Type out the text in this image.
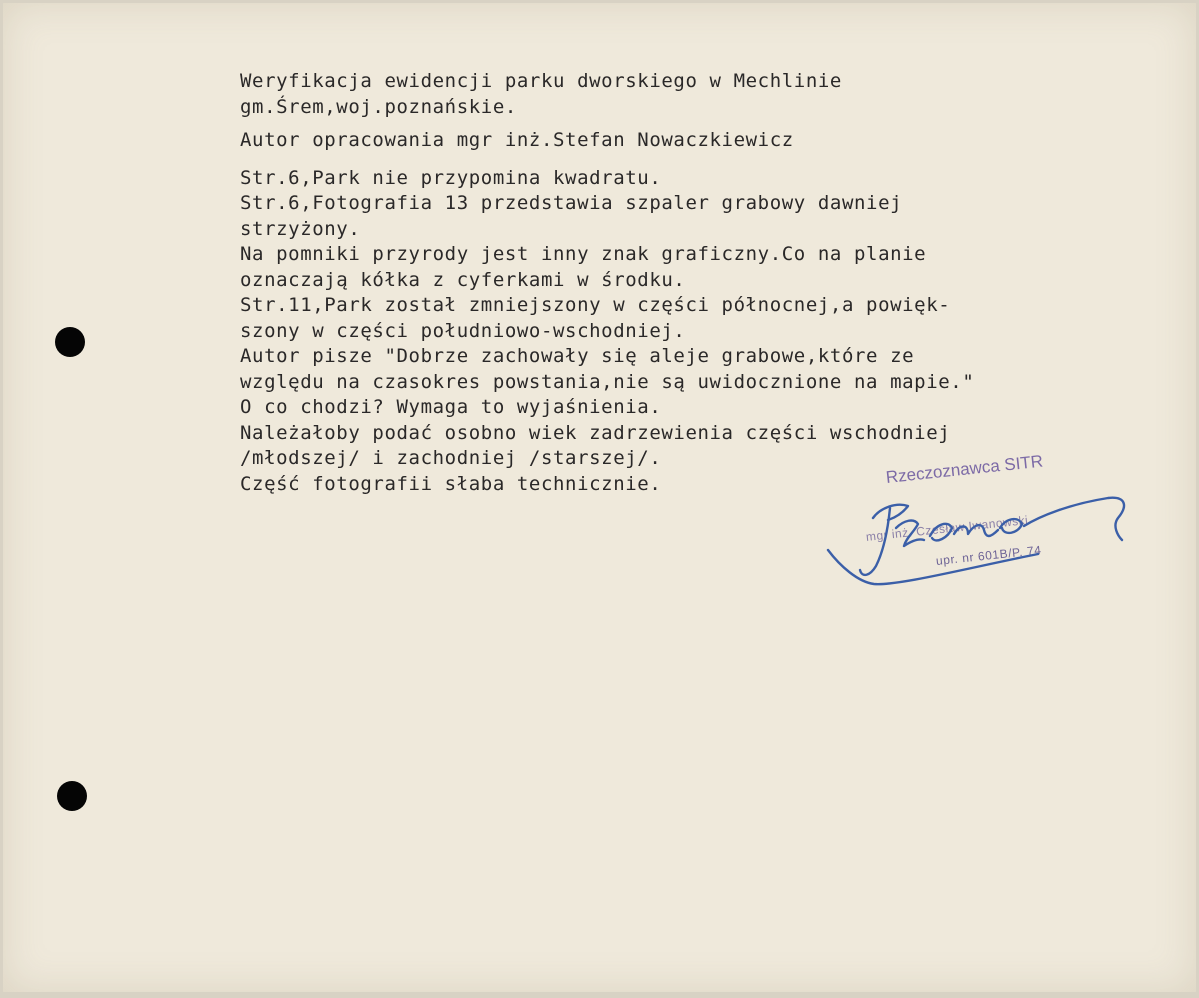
Weryfikacja ewidencji parku dworskiego w Mechlinie
gm.Śrem,woj.poznańskie.
Autor opracowania mgr inż.Stefan Nowaczkiewicz
Str.6,Park nie przypomina kwadratu.
Str.6,Fotografia 13 przedstawia szpaler grabowy dawniej
strzyżony.
Na pomniki przyrody jest inny znak graficzny.Co na planie
oznaczają kółka z cyferkami w środku.
Str.11,Park został zmniejszony w części północnej,a powięk-
szony w części południowo-wschodniej.
Autor pisze "Dobrze zachowały się aleje grabowe,które ze
względu na czasokres powstania,nie są uwidocznione na mapie."
O co chodzi? Wymaga to wyjaśnienia.
Należałoby podać osobno wiek zadrzewienia części wschodniej
/młodszej/ i zachodniej /starszej/.
Część fotografii słaba technicznie.	Rzeczoznawca SITR
mgr inż. Czesław Iwanowski
upr. nr 601B/P. 74
